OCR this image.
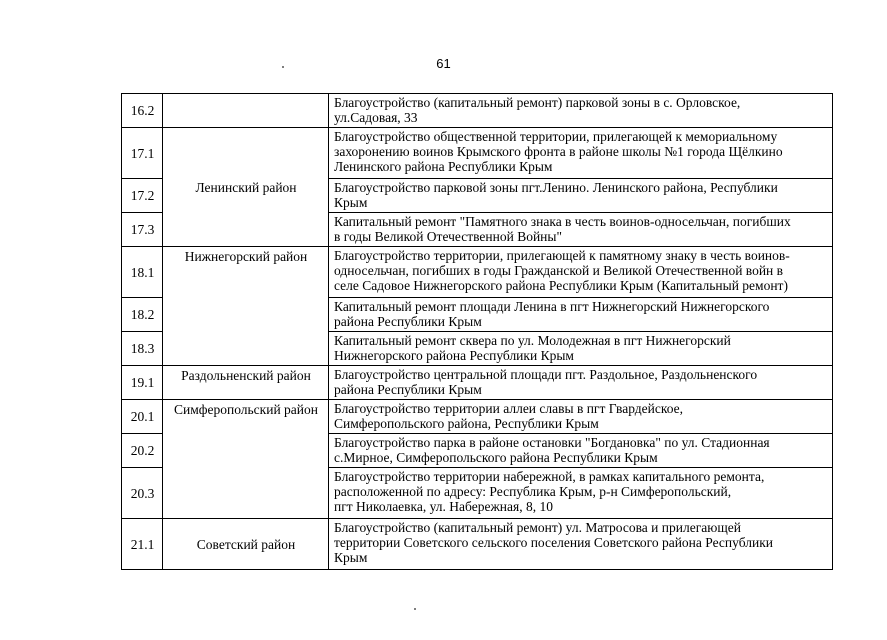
61
16.2		Благоустройство (капитальный ремонт) парковой зоны в с. Орловское,
ул.Садовая, 33
17.1	Ленинский район	Благоустройство общественной территории, прилегающей к мемориальному
захоронению воинов Крымского фронта в районе школы №1 города Щёлкино
Ленинского района Республики Крым
17.2		Благоустройство парковой зоны пгт.Ленино. Ленинского района, Республики
Крым
17.3		Капитальный ремонт "Памятного знака в честь воинов-односельчан, погибших
в годы Великой Отечественной Войны"
18.1	Нижнегорский район	Благоустройство территории, прилегающей к памятному знаку в честь воинов-
односельчан, погибших в годы Гражданской и Великой Отечественной войн в
селе Садовое Нижнегорского района Республики Крым (Капитальный ремонт)
18.2		Капитальный ремонт площади Ленина в пгт Нижнегорский Нижнегорского
района Республики Крым
18.3		Капитальный ремонт сквера по ул. Молодежная в пгт Нижнегорский
Нижнегорского района Республики Крым
19.1	Раздольненский район	Благоустройство центральной площади пгт. Раздольное, Раздольненского
района Республики Крым
20.1	Симферопольский район	Благоустройство территории аллеи славы в пгт Гвардейское,
Симферопольского района, Республики Крым
20.2		Благоустройство парка в районе остановки "Богдановка" по ул. Стадионная
с.Мирное, Симферопольского района Республики Крым
20.3		Благоустройство территории набережной, в рамках капитального ремонта,
расположенной по адресу: Республика Крым, р-н Симферопольский,
пгт Николаевка, ул. Набережная, 8, 10
21.1	Советский район	Благоустройство (капитальный ремонт) ул. Матросова и прилегающей
территории Советского сельского поселения Советского района Республики
Крым
